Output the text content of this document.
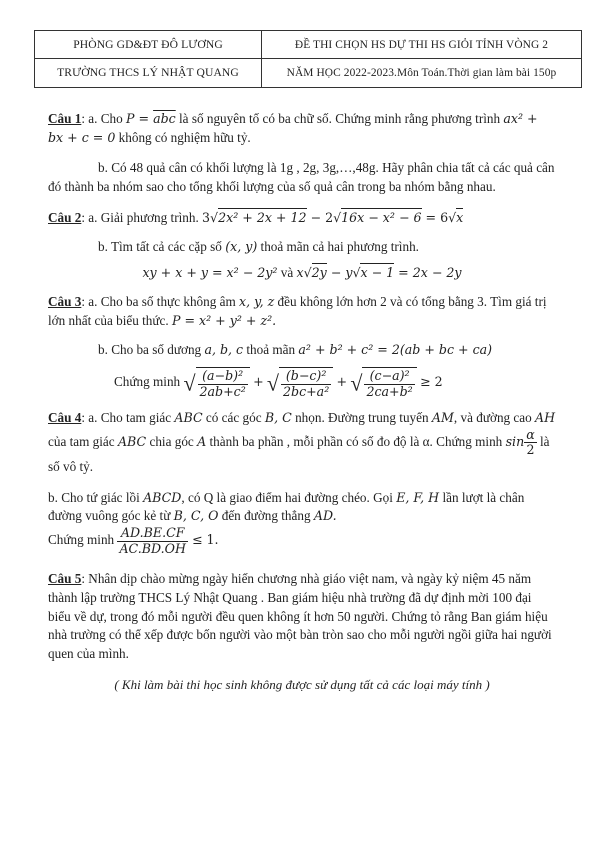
PHÒNG GD&ĐT ĐÔ LƯƠNG	ĐỀ THI CHỌN HS DỰ THI HS GIỎI TỈNH VÒNG 2
TRƯỜNG THCS LÝ NHẬT QUANG	NĂM HỌC 2022-2023.Môn Toán.Thời gian làm bài 150p

Câu 1: a. Cho $P = \overline{abc}$ là số nguyên tố có ba chữ số. Chứng minh rằng phương trình ax² + bx + c = 0 không có nghiệm hữu tỷ.

b. Có 48 quả cân có khối lượng là 1g , 2g, 3g,…,48g. Hãy phân chia tất cả các quả cân đó thành ba nhóm sao cho tổng khối lượng của số quả cân trong ba nhóm bằng nhau.

Câu 2: a. Giải phương trình. 3√2x² + 2x + 12 − 2√16x − x² − 6 = 6√x

b. Tìm tất cả các cặp số (x, y) thoả mãn cả hai phương trình.

xy + x + y = x² − 2y² và x√2y − y√x − 1 = 2x − 2y

Câu 3: a. Cho ba số thực không âm x, y, z đều không lớn hơn 2 và có tổng bằng 3. Tìm giá trị lớn nhất của biểu thức. P = x² + y² + z².

b. Cho ba số dương a, b, c thoả mãn a² + b² + c² = 2(ab + bc + ca)

Chứng minh √ $\frac{\text{(a−b)²}}{\text{2ab+c²}}$ + √ $\frac{\text{(b−c)²}}{\text{2bc+a²}}$ + √ $\frac{\text{(c−a)²}}{\text{2ca+b²}} \ge 2$

Câu 4: a. Cho tam giác ABC có các góc B, C nhọn. Đường trung tuyến AM, và đường cao AH của tam giác ABC chia góc A thành ba phần , mỗi phần có số đo độ là α. Chứng minh $\sin \frac{\alpha}{2}$ là số vô tỷ.

b. Cho tứ giác lồi ABCD, có Q là giao điểm hai đường chéo. Gọi E, F, H lần lượt là chân đường vuông góc kẻ từ B, C, O đến đường thẳng AD.

Chứng minh $\frac{AD.BE.CF}{AC.BD.OH} \le 1$.

Câu 5: Nhân dịp chào mừng ngày hiến chương nhà giáo việt nam, và ngày kỷ niệm 45 năm thành lập trường THCS Lý Nhật Quang . Ban giám hiệu nhà trường đã dự định mời 100 đại biểu về dự, trong đó mỗi người đều quen không ít hơn 50 người. Chứng tỏ rằng Ban giám hiệu nhà trường có thể xếp được bốn người vào một bàn tròn sao cho mỗi người ngồi giữa hai người quen của mình.

( Khi làm bài thi học sinh không được sử dụng tất cả các loại máy tính )
